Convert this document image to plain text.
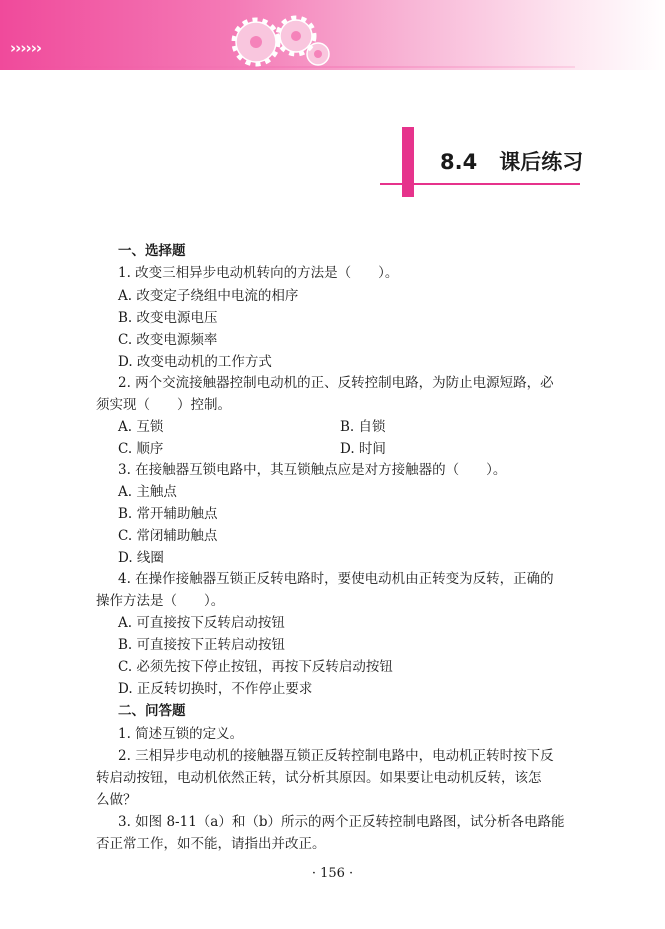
››››››
8.4 课后练习
一、选择题
1. 改变三相异步电动机转向的方法是（　　）。
A. 改变定子绕组中电流的相序
B. 改变电源电压
C. 改变电源频率
D. 改变电动机的工作方式
2. 两个交流接触器控制电动机的正、反转控制电路，为防止电源短路，必
须实现（　　）控制。
A. 互锁	B. 自锁
C. 顺序	D. 时间
3. 在接触器互锁电路中，其互锁触点应是对方接触器的（　　）。
A. 主触点
B. 常开辅助触点
C. 常闭辅助触点
D. 线圈
4. 在操作接触器互锁正反转电路时，要使电动机由正转变为反转，正确的
操作方法是（　　）。
A. 可直接按下反转启动按钮
B. 可直接按下正转启动按钮
C. 必须先按下停止按钮，再按下反转启动按钮
D. 正反转切换时，不作停止要求
二、问答题
1. 简述互锁的定义。
2. 三相异步电动机的接触器互锁正反转控制电路中，电动机正转时按下反
转启动按钮，电动机依然正转，试分析其原因。如果要让电动机反转，该怎
么做？
3. 如图 8-11（a）和（b）所示的两个正反转控制电路图，试分析各电路能
否正常工作，如不能，请指出并改正。
· 156 ·
